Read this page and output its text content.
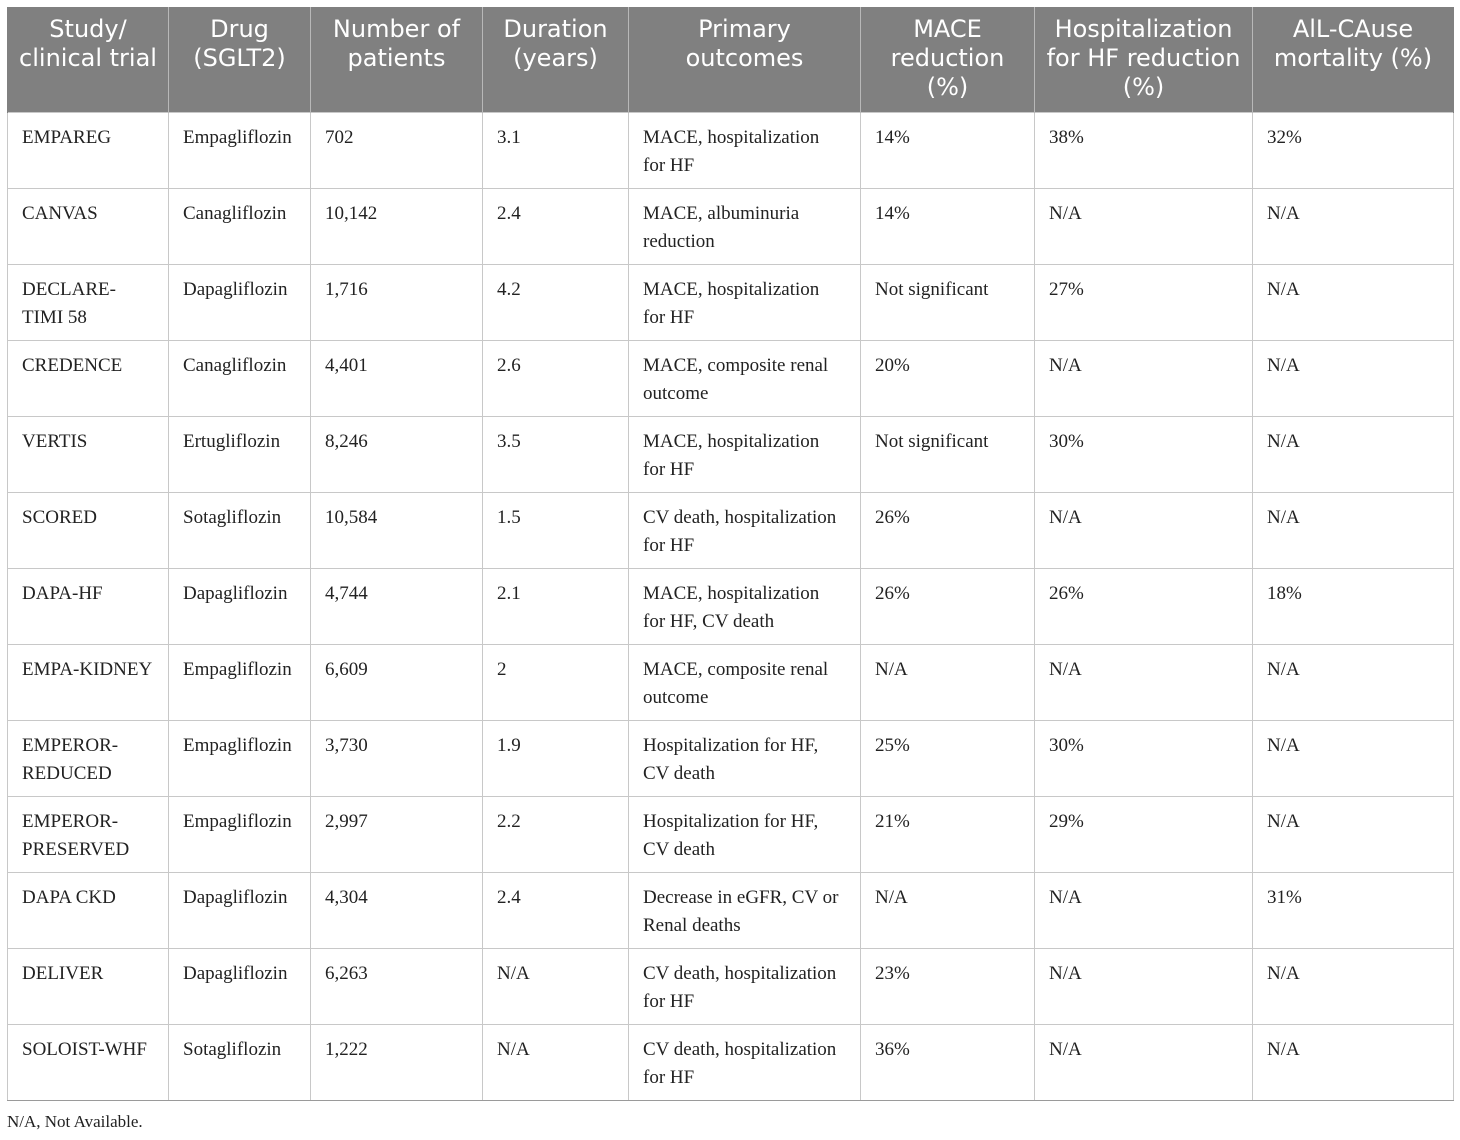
Study/ clinical trial	Drug (SGLT2)	Number of patients	Duration (years)	Primary outcomes	MACE reduction (%)	Hospitalization for HF reduction (%)	AlL-CAuse mortality (%)
EMPAREG	Empagliflozin	702	3.1	MACE, hospitalization for HF	14%	38%	32%
CANVAS	Canagliflozin	10,142	2.4	MACE, albuminuria reduction	14%	N/A	N/A
DECLARE-TIMI 58	Dapagliflozin	1,716	4.2	MACE, hospitalization for HF	Not significant	27%	N/A
CREDENCE	Canagliflozin	4,401	2.6	MACE, composite renal outcome	20%	N/A	N/A
VERTIS	Ertugliflozin	8,246	3.5	MACE, hospitalization for HF	Not significant	30%	N/A
SCORED	Sotagliflozin	10,584	1.5	CV death, hospitalization for HF	26%	N/A	N/A
DAPA-HF	Dapagliflozin	4,744	2.1	MACE, hospitalization for HF, CV death	26%	26%	18%
EMPA-KIDNEY	Empagliflozin	6,609	2	MACE, composite renal outcome	N/A	N/A	N/A
EMPEROR-REDUCED	Empagliflozin	3,730	1.9	Hospitalization for HF, CV death	25%	30%	N/A
EMPEROR-PRESERVED	Empagliflozin	2,997	2.2	Hospitalization for HF, CV death	21%	29%	N/A
DAPA CKD	Dapagliflozin	4,304	2.4	Decrease in eGFR, CV or Renal deaths	N/A	N/A	31%
DELIVER	Dapagliflozin	6,263	N/A	CV death, hospitalization for HF	23%	N/A	N/A
SOLOIST-WHF	Sotagliflozin	1,222	N/A	CV death, hospitalization for HF	36%	N/A	N/A
N/A, Not Available.
